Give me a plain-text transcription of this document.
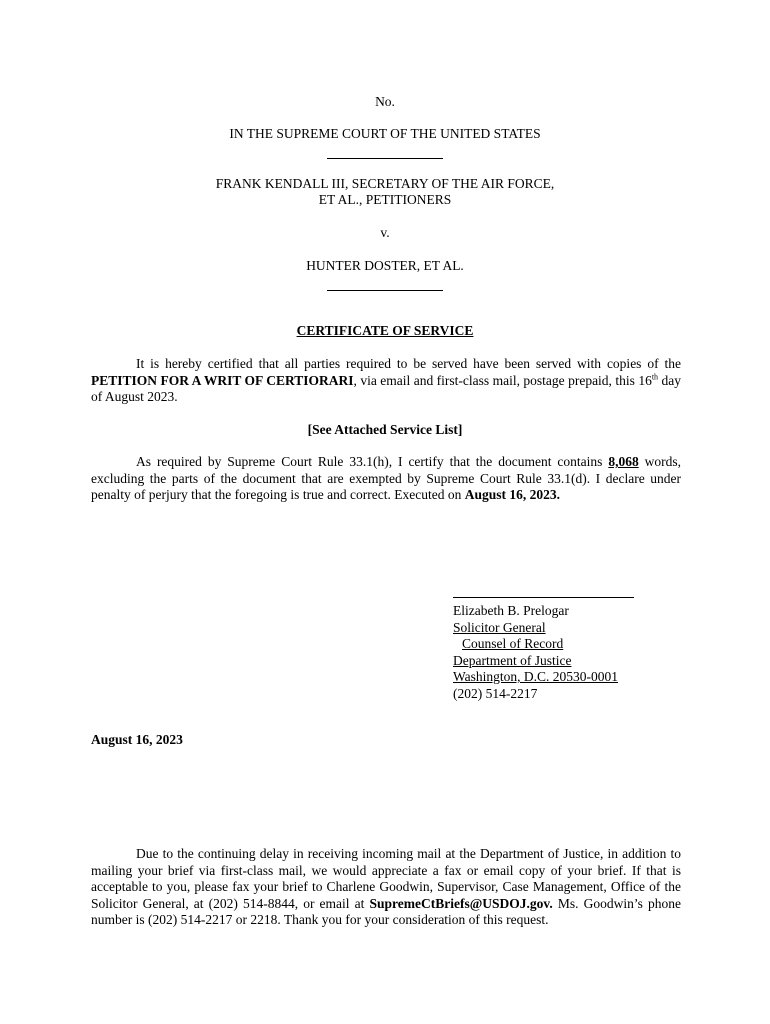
No.
IN THE SUPREME COURT OF THE UNITED STATES
FRANK KENDALL III, SECRETARY OF THE AIR FORCE,
ET AL., PETITIONERS
v.
HUNTER DOSTER, ET AL.
CERTIFICATE OF SERVICE
It is hereby certified that all parties required to be served have been served with copies of the PETITION FOR A WRIT OF CERTIORARI, via email and first-class mail, postage prepaid, this 16th day of August 2023.
[See Attached Service List]
As required by Supreme Court Rule 33.1(h), I certify that the document contains 8,068 words, excluding the parts of the document that are exempted by Supreme Court Rule 33.1(d). I declare under penalty of perjury that the foregoing is true and correct. Executed on August 16, 2023.
Elizabeth B. Prelogar
Solicitor General
Counsel of Record
Department of Justice
Washington, D.C. 20530-0001
(202) 514-2217
August 16, 2023
Due to the continuing delay in receiving incoming mail at the Department of Justice, in addition to mailing your brief via first-class mail, we would appreciate a fax or email copy of your brief. If that is acceptable to you, please fax your brief to Charlene Goodwin, Supervisor, Case Management, Office of the Solicitor General, at (202) 514-8844, or email at SupremeCtBriefs@USDOJ.gov. Ms. Goodwin’s phone number is (202) 514-2217 or 2218. Thank you for your consideration of this request.
